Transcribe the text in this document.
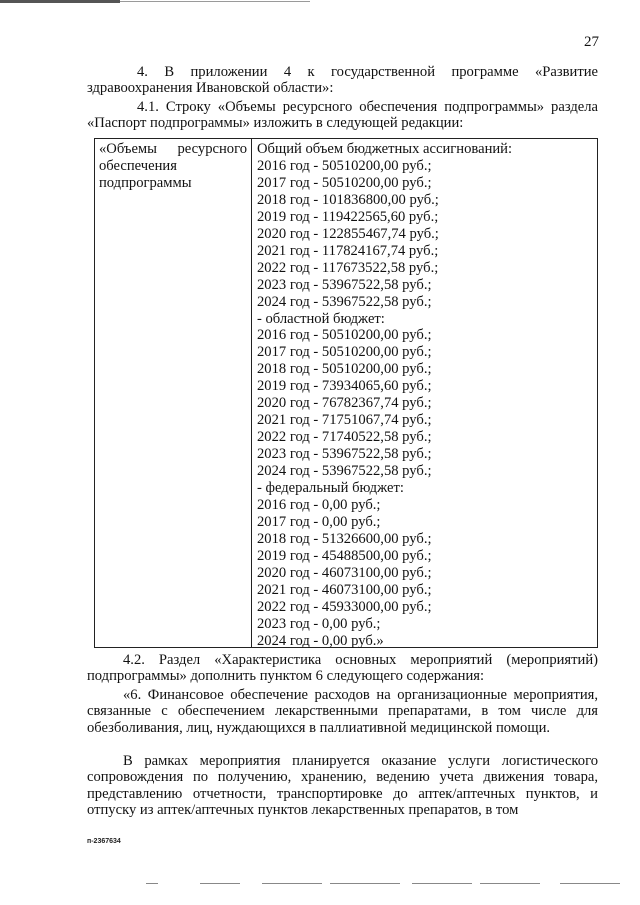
27

4. В приложении 4 к государственной программе «Развитие здравоохранения Ивановской области»:

4.1. Строку «Объемы ресурсного обеспечения подпрограммы» раздела «Паспорт подпрограммы» изложить в следующей редакции:

«Объемы ресурсного
обеспечения
подпрограммы
Общий объем бюджетных ассигнований:
2016 год - 50510200,00 руб.;
2017 год - 50510200,00 руб.;
2018 год - 101836800,00 руб.;
2019 год - 119422565,60 руб.;
2020 год - 122855467,74 руб.;
2021 год - 117824167,74 руб.;
2022 год - 117673522,58 руб.;
2023 год - 53967522,58 руб.;
2024 год - 53967522,58 руб.;
- областной бюджет:
2016 год - 50510200,00 руб.;
2017 год - 50510200,00 руб.;
2018 год - 50510200,00 руб.;
2019 год - 73934065,60 руб.;
2020 год - 76782367,74 руб.;
2021 год - 71751067,74 руб.;
2022 год - 71740522,58 руб.;
2023 год - 53967522,58 руб.;
2024 год - 53967522,58 руб.;
- федеральный бюджет:
2016 год - 0,00 руб.;
2017 год - 0,00 руб.;
2018 год - 51326600,00 руб.;
2019 год - 45488500,00 руб.;
2020 год - 46073100,00 руб.;
2021 год - 46073100,00 руб.;
2022 год - 45933000,00 руб.;
2023 год - 0,00 руб.;
2024 год - 0,00 руб.»

4.2. Раздел «Характеристика основных мероприятий (мероприятий) подпрограммы» дополнить пунктом 6 следующего содержания:

«6. Финансовое обеспечение расходов на организационные мероприятия, связанные с обеспечением лекарственными препаратами, в том числе для обезболивания, лиц, нуждающихся в паллиативной медицинской помощи.

В рамках мероприятия планируется оказание услуги логистического сопровождения по получению, хранению, ведению учета движения товара, представлению отчетности, транспортировке до аптек/аптечных пунктов, и отпуску из аптек/аптечных пунктов лекарственных препаратов, в том

п-2367634
